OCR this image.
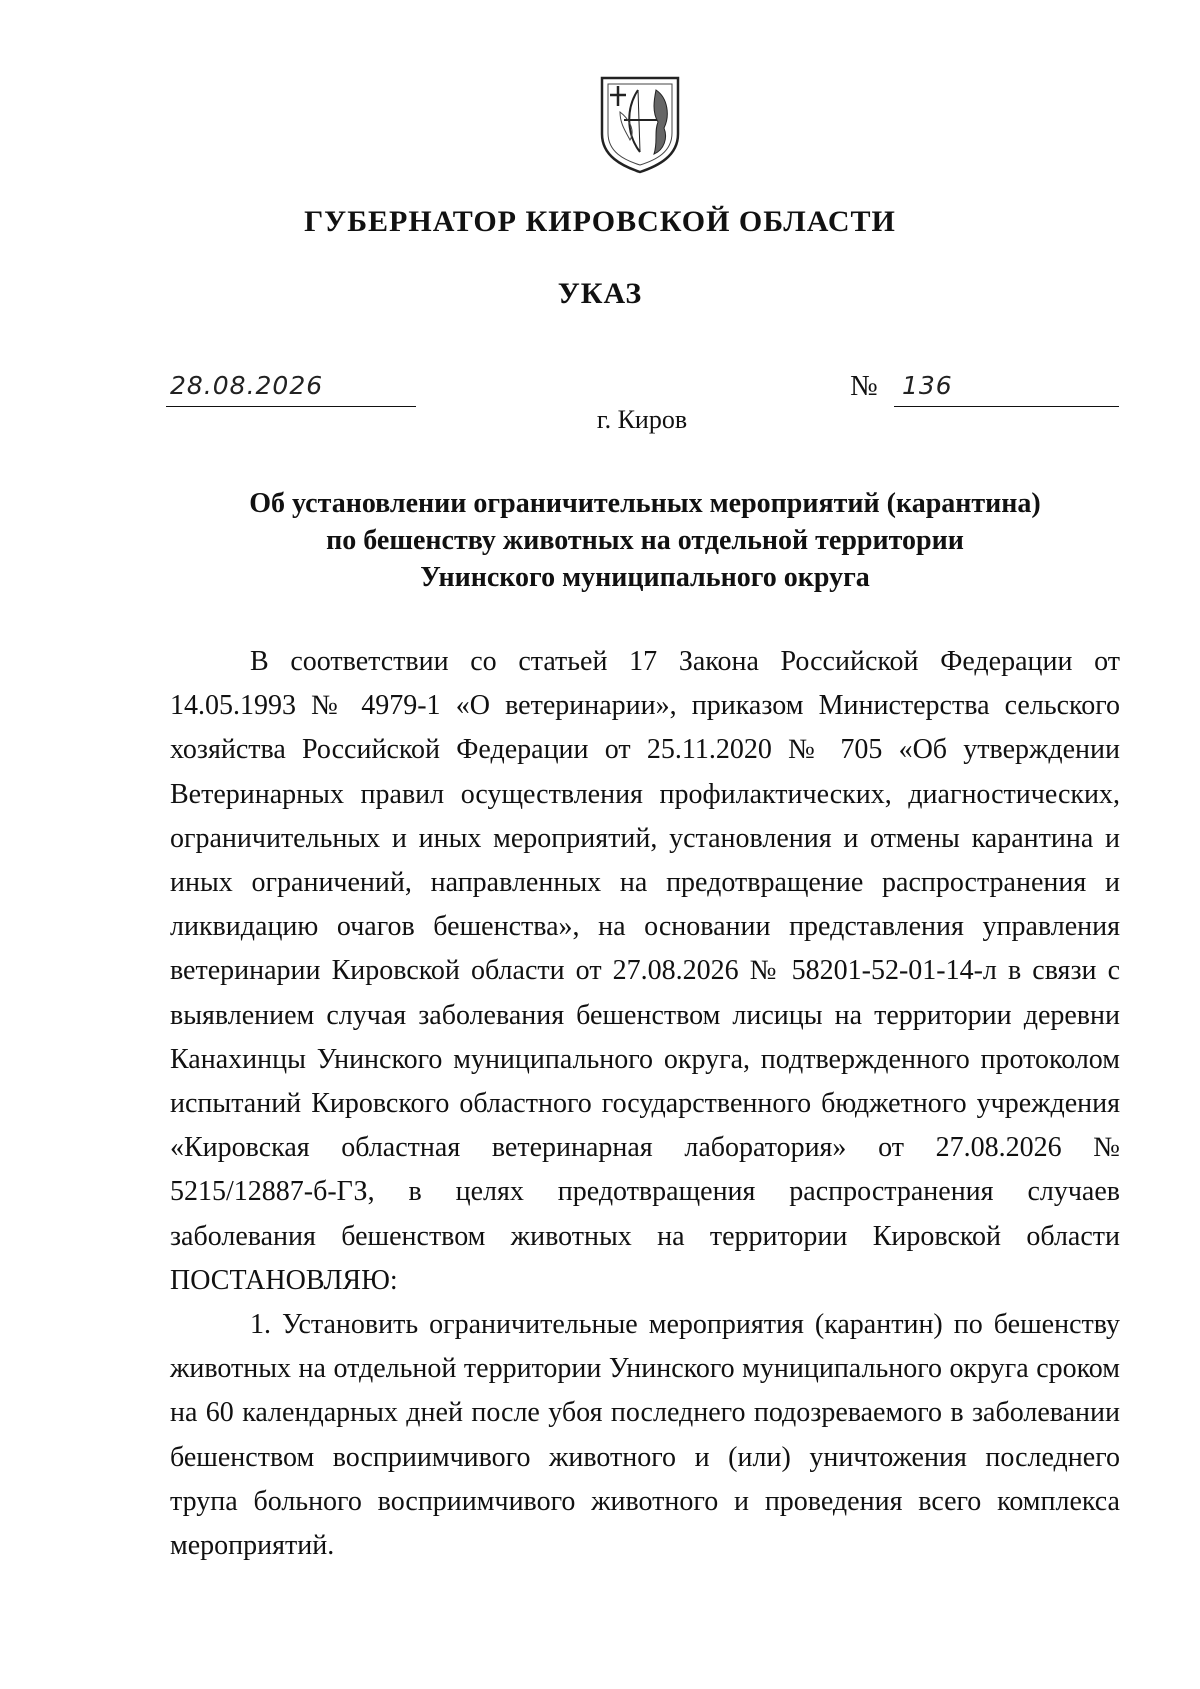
ГУБЕРНАТОР КИРОВСКОЙ ОБЛАСТИ
УКАЗ
28.08.2026	№ 136
г. Киров
Об установлении ограничительных мероприятий (карантина)
по бешенству животных на отдельной территории
Унинского муниципального округа

В соответствии со статьей 17 Закона Российской Федерации от 14.05.1993 № 4979-1 «О ветеринарии», приказом Министерства сельского хозяйства Российской Федерации от 25.11.2020 № 705 «Об утверждении Ветеринарных правил осуществления профилактических, диагностических, ограничительных и иных мероприятий, установления и отмены карантина и иных ограничений, направленных на предотвращение распространения и ликвидацию очагов бешенства», на основании представления управления ветеринарии Кировской области от 27.08.2026 № 58201-52-01-14-л в связи с выявлением случая заболевания бешенством лисицы на территории деревни Канахинцы Унинского муниципального округа, подтвержденного протоколом испытаний Кировского областного государственного бюджетного учреждения «Кировская областная ветеринарная лаборатория» от 27.08.2026 № 5215/12887-б-ГЗ, в целях предотвращения распространения случаев заболевания бешенством животных на территории Кировской области ПОСТАНОВЛЯЮ:

1. Установить ограничительные мероприятия (карантин) по бешенству животных на отдельной территории Унинского муниципального округа сроком на 60 календарных дней после убоя последнего подозреваемого в заболевании бешенством восприимчивого животного и (или) уничтожения последнего трупа больного восприимчивого животного и проведения всего комплекса мероприятий.
